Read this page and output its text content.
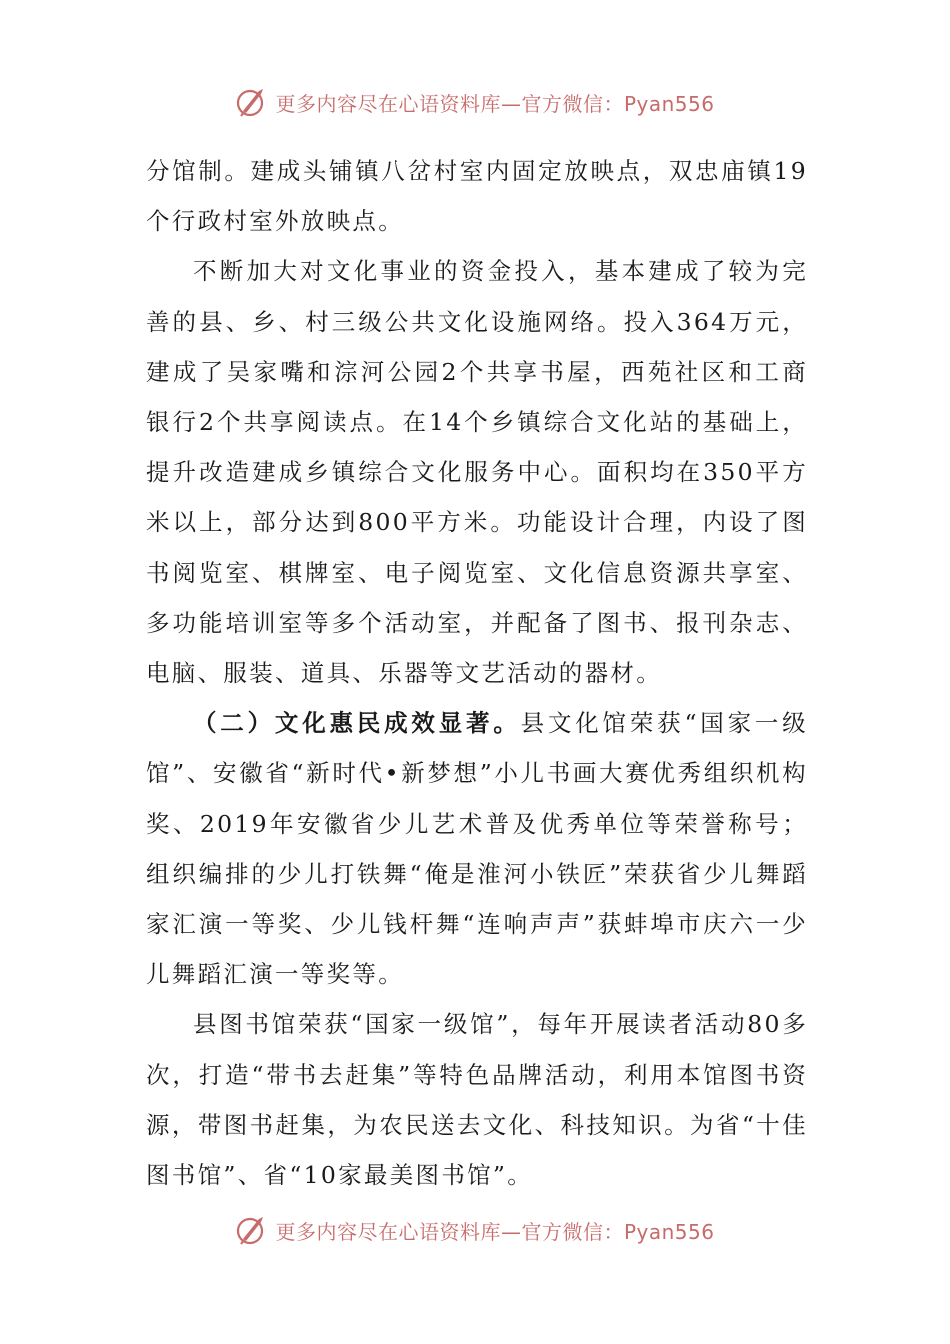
更多内容尽在心语资料库—官方微信：Pyan556

分馆制。建成头铺镇八岔村室内固定放映点，双忠庙镇19个行政村室外放映点。

不断加大对文化事业的资金投入，基本建成了较为完善的县、乡、村三级公共文化设施网络。投入364万元，建成了吴家嘴和淙河公园2个共享书屋，西苑社区和工商银行2个共享阅读点。在14个乡镇综合文化站的基础上，提升改造建成乡镇综合文化服务中心。面积均在350平方米以上，部分达到800平方米。功能设计合理，内设了图书阅览室、棋牌室、电子阅览室、文化信息资源共享室、多功能培训室等多个活动室，并配备了图书、报刊杂志、电脑、服装、道具、乐器等文艺活动的器材。

（二）文化惠民成效显著。县文化馆荣获“国家一级馆”、安徽省“新时代•新梦想”小儿书画大赛优秀组织机构奖、2019年安徽省少儿艺术普及优秀单位等荣誉称号；组织编排的少儿打铁舞“俺是淮河小铁匠”荣获省少儿舞蹈家汇演一等奖、少儿钱杆舞“连响声声”获蚌埠市庆六一少儿舞蹈汇演一等奖等。

县图书馆荣获“国家一级馆”，每年开展读者活动80多次，打造“带书去赶集”等特色品牌活动，利用本馆图书资源，带图书赶集，为农民送去文化、科技知识。为省“十佳图书馆”、省“10家最美图书馆”。

更多内容尽在心语资料库—官方微信：Pyan556
